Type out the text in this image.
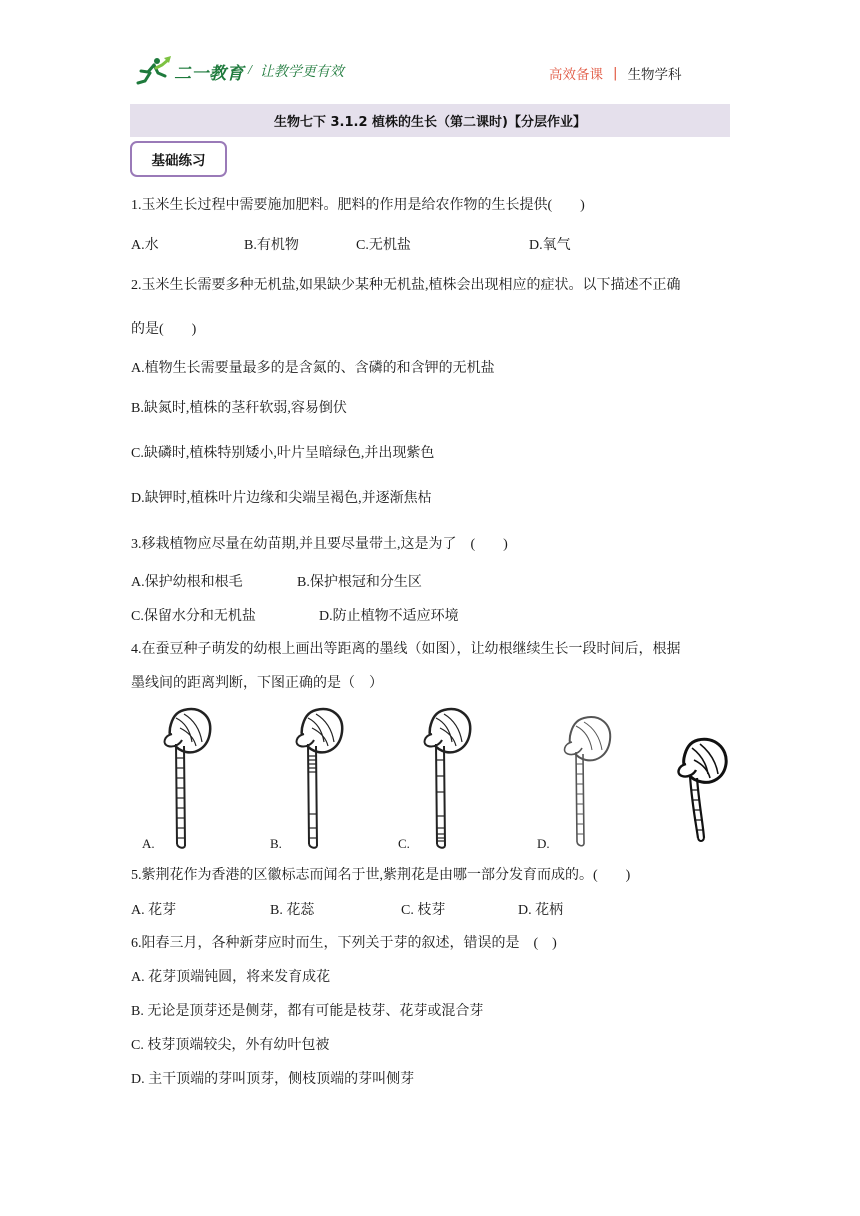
二一教育 / 让教学更有效	高效备课 | 生物学科
生物七下 3.1.2 植株的生长（第二课时)【分层作业】
基础练习
1.玉米生长过程中需要施加肥料。肥料的作用是给农作物的生长提供(　　)
A.水	B.有机物	C.无机盐	D.氧气
2.玉米生长需要多种无机盐,如果缺少某种无机盐,植株会出现相应的症状。以下描述不正确
的是(　　)
A.植物生长需要量最多的是含氮的、含磷的和含钾的无机盐
B.缺氮时,植株的茎秆软弱,容易倒伏
C.缺磷时,植株特别矮小,叶片呈暗绿色,并出现紫色
D.缺钾时,植株叶片边缘和尖端呈褐色,并逐渐焦枯
3.移栽植物应尽量在幼苗期,并且要尽量带土,这是为了　(　　)
A.保护幼根和根毛	B.保护根冠和分生区
C.保留水分和无机盐	D.防止植物不适应环境
4.在蚕豆种子萌发的幼根上画出等距离的墨线（如图），让幼根继续生长一段时间后，根据
墨线间的距离判断，下图正确的是（　）
A.	B.	C.	D.
5.紫荆花作为香港的区徽标志而闻名于世,紫荆花是由哪一部分发育而成的。(　　)
A. 花芽	B. 花蕊	C. 枝芽	D. 花柄
6.阳春三月，各种新芽应时而生，下列关于芽的叙述，错误的是　(　)
A. 花芽顶端钝圆，将来发育成花
B. 无论是顶芽还是侧芽，都有可能是枝芽、花芽或混合芽
C. 枝芽顶端较尖，外有幼叶包被
D. 主干顶端的芽叫顶芽，侧枝顶端的芽叫侧芽
